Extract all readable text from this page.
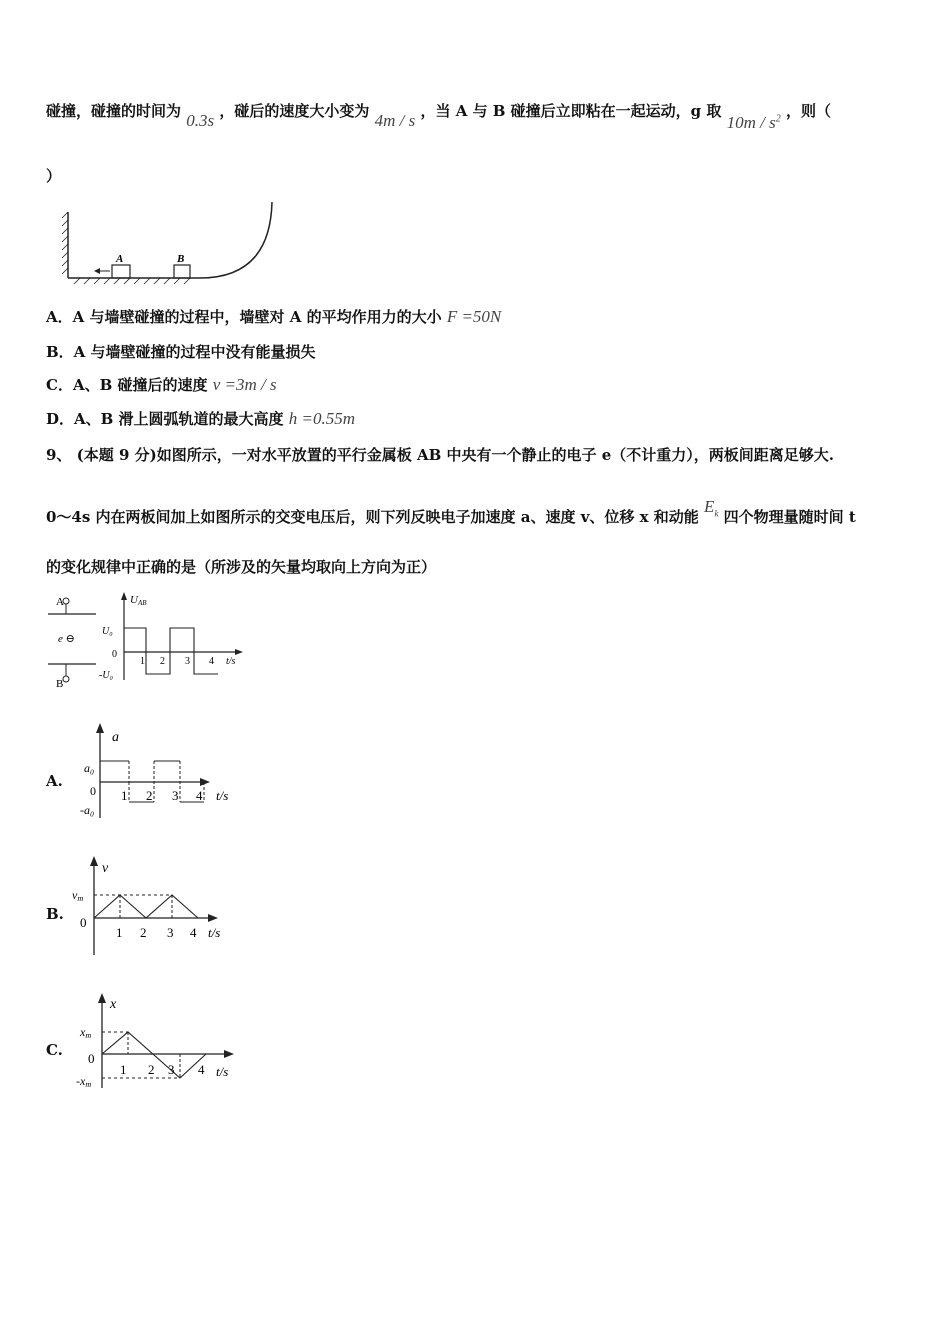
碰撞，碰撞的时间为 0.3s ，碰后的速度大小变为 4m / s ，当 A 与 B 碰撞后立即粘在一起运动，g 取 $10m / s^2$ ，则（
）
A	B
A．A 与墙壁碰撞的过程中，墙壁对 A 的平均作用力的大小 F =50N
B．A 与墙壁碰撞的过程中没有能量损失
C．A、B 碰撞后的速度 v =3m / s
D．A、B 滑上圆弧轨道的最大高度 h =0.55m
9、 (本题 9 分)如图所示，一对水平放置的平行金属板 AB 中央有一个静止的电子 e（不计重力），两板间距离足够大.
0～4s 内在两板间加上如图所示的交变电压后，则下列反映电子加速度 a、速度 v、位移 x 和动能 $E_k$ 四个物理量随时间 t
的变化规律中正确的是（所涉及的矢量均取向上方向为正）
A
e ⊖
B
UAB
U₀
0
-U₀
1 2 3 4 t/s
A.
a
a₀
0
-a₀
1 2 3 4 t/s
B.
v
vm
0
1 2 3 4 t/s
C.
x
xm
0
-xm
1 2 3 4 t/s
